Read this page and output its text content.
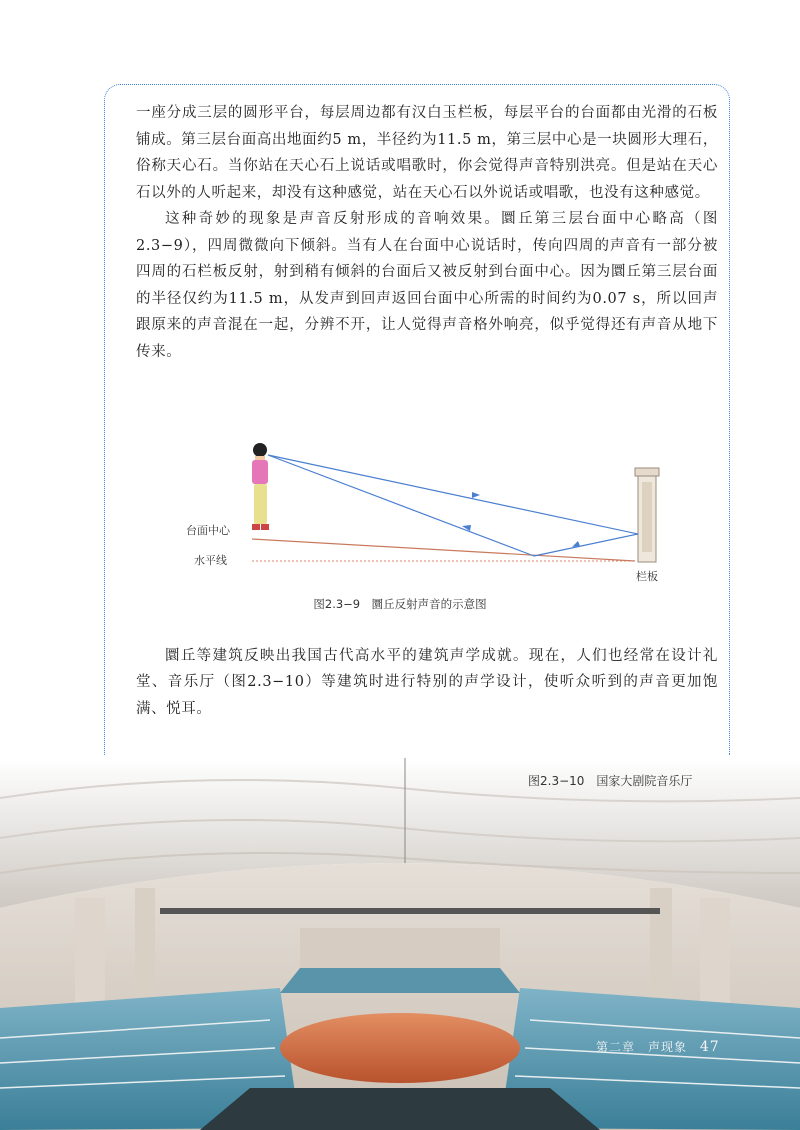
一座分成三层的圆形平台，每层周边都有汉白玉栏板，每层平台的台面都由光滑的石板铺成。第三层台面高出地面约5 m，半径约为11.5 m，第三层中心是一块圆形大理石，俗称天心石。当你站在天心石上说话或唱歌时，你会觉得声音特别洪亮。但是站在天心石以外的人听起来，却没有这种感觉，站在天心石以外说话或唱歌，也没有这种感觉。

这种奇妙的现象是声音反射形成的音响效果。圜丘第三层台面中心略高（图2.3−9），四周微微向下倾斜。当有人在台面中心说话时，传向四周的声音有一部分被四周的石栏板反射，射到稍有倾斜的台面后又被反射到台面中心。因为圜丘第三层台面的半径仅约为11.5 m，从发声到回声返回台面中心所需的时间约为0.07 s，所以回声跟原来的声音混在一起，分辨不开，让人觉得声音格外响亮，似乎觉得还有声音从地下传来。

台面中心
水平线
栏板
图2.3−9　圜丘反射声音的示意图

圜丘等建筑反映出我国古代高水平的建筑声学成就。现在，人们也经常在设计礼堂、音乐厅（图2.3−10）等建筑时进行特别的声学设计，使听众听到的声音更加饱满、悦耳。

图2.3−10　国家大剧院音乐厅
第二章　声现象 47
